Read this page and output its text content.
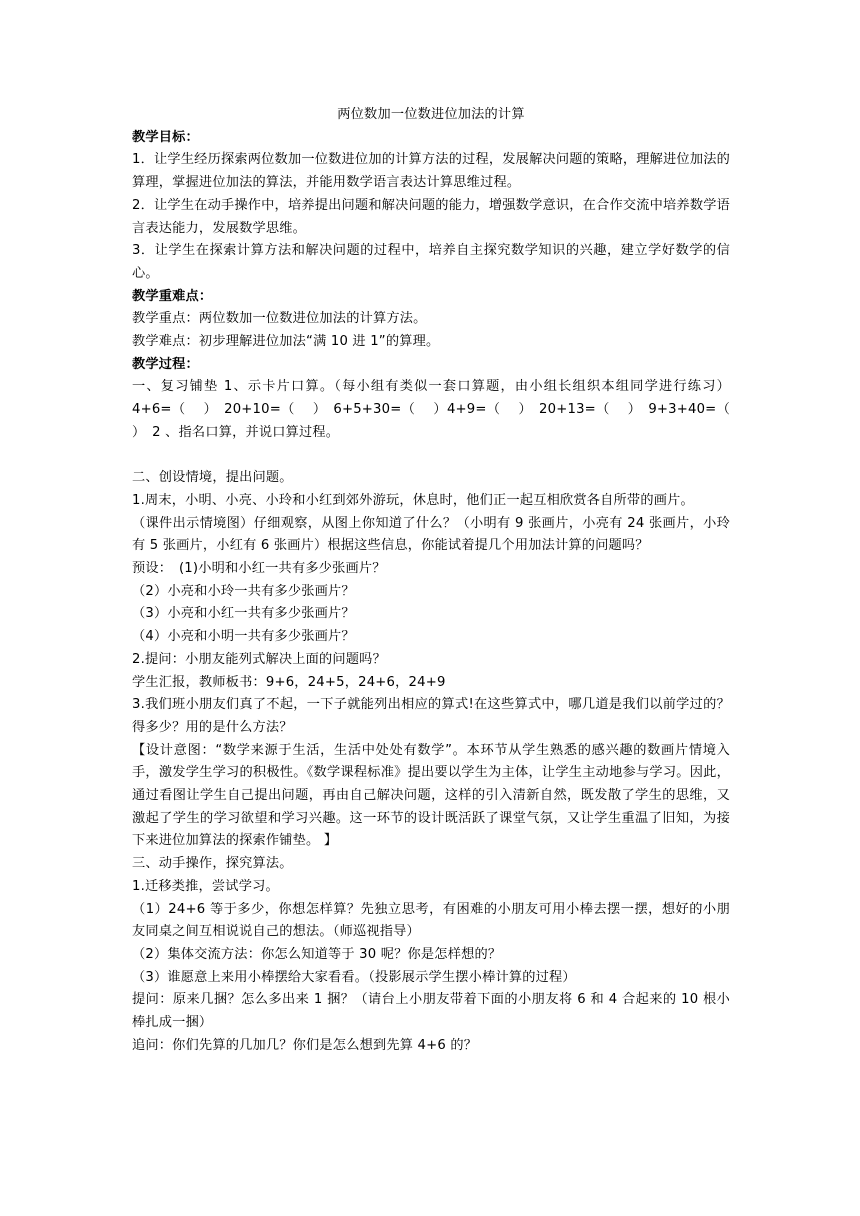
两位数加一位数进位加法的计算

教学目标：

1．让学生经历探索两位数加一位数进位加的计算方法的过程，发展解决问题的策略，理解进位加法的算理，掌握进位加法的算法，并能用数学语言表达计算思维过程。

2．让学生在动手操作中，培养提出问题和解决问题的能力，增强数学意识，在合作交流中培养数学语言表达能力，发展数学思维。

3．让学生在探索计算方法和解决问题的过程中，培养自主探究数学知识的兴趣，建立学好数学的信心。

教学重难点：

教学重点：两位数加一位数进位加法的计算方法。

教学难点：初步理解进位加法“满 10 进 1”的算理。

教学过程：

一、复习铺垫 1、示卡片口算。（每小组有类似一套口算题，由小组长组织本组同学进行练习） 4+6=（　 ）　20+10=（　 ）　6+5+30=（　 ）4+9=（　 ）　20+13=（　 ）　9+3+40=（　 ）　2 、指名口算，并说口算过程。

二、创设情境，提出问题。

1.周末，小明、小亮、小玲和小红到郊外游玩，休息时，他们正一起互相欣赏各自所带的画片。

（课件出示情境图）仔细观察，从图上你知道了什么？（小明有 9 张画片，小亮有 24 张画片，小玲有 5 张画片，小红有 6 张画片）根据这些信息，你能试着提几个用加法计算的问题吗？

预设：　(1)小明和小红一共有多少张画片？

（2）小亮和小玲一共有多少张画片？

（3）小亮和小红一共有多少张画片？

（4）小亮和小明一共有多少张画片？

2.提问：小朋友能列式解决上面的问题吗？

学生汇报，教师板书：9+6，24+5，24+6，24+9

3.我们班小朋友们真了不起，一下子就能列出相应的算式!在这些算式中，哪几道是我们以前学过的？得多少？用的是什么方法？

【设计意图：“数学来源于生活，生活中处处有数学”。本环节从学生熟悉的感兴趣的数画片情境入手，激发学生学习的积极性。《数学课程标准》提出要以学生为主体，让学生主动地参与学习。因此，通过看图让学生自己提出问题，再由自己解决问题，这样的引入清新自然，既发散了学生的思维，又激起了学生的学习欲望和学习兴趣。这一环节的设计既活跃了课堂气氛，又让学生重温了旧知，为接下来进位加算法的探索作铺垫。 】

三、动手操作，探究算法。

1.迁移类推，尝试学习。

（1）24+6 等于多少，你想怎样算？先独立思考，有困难的小朋友可用小棒去摆一摆，想好的小朋友同桌之间互相说说自己的想法。（师巡视指导）

（2）集体交流方法：你怎么知道等于 30 呢？你是怎样想的？

（3）谁愿意上来用小棒摆给大家看看。（投影展示学生摆小棒计算的过程）

提问：原来几捆？怎么多出来 1 捆？（请台上小朋友带着下面的小朋友将 6 和 4 合起来的 10 根小棒扎成一捆）

追问：你们先算的几加几？你们是怎么想到先算 4+6 的？
